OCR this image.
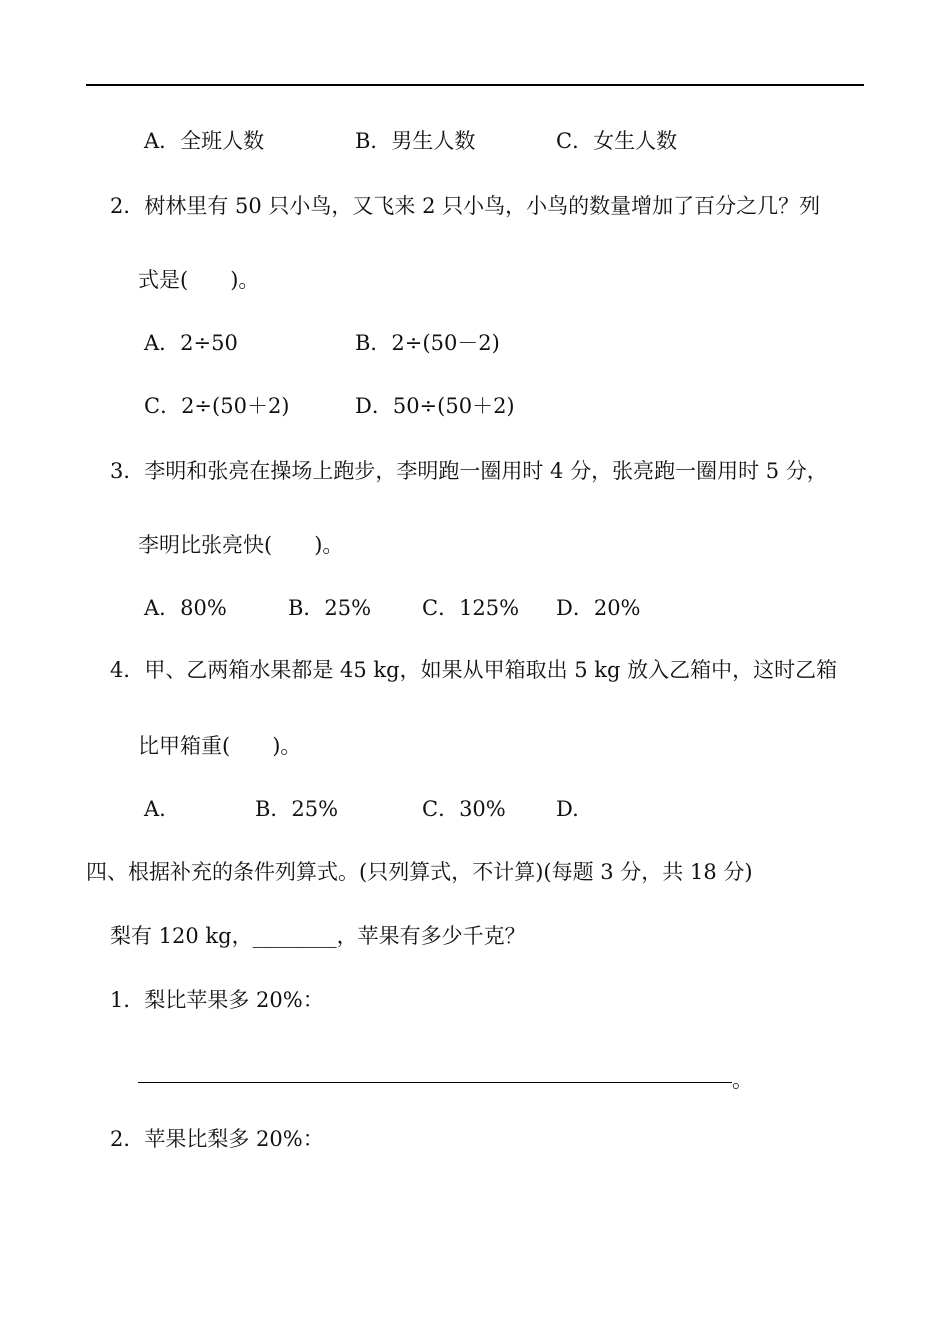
A．全班人数	B．男生人数	C．女生人数
2．树林里有 50 只小鸟，又飞来 2 只小鸟，小鸟的数量增加了百分之几？列
式是(　　)。
A．2÷50	B．2÷(50－2)
C．2÷(50＋2)	D．50÷(50＋2)
3．李明和张亮在操场上跑步，李明跑一圈用时 4 分，张亮跑一圈用时 5 分，
李明比张亮快(　　)。
A．80%	B．25% C．125% D．20%
4．甲、乙两箱水果都是 45 kg，如果从甲箱取出 5 kg 放入乙箱中，这时乙箱
比甲箱重(　　)。
A.	B．25%	C．30% D.
四、根据补充的条件列算式。(只列算式，不计算)(每题 3 分，共 18 分)
梨有 120 kg，________，苹果有多少千克？
1．梨比苹果多 20%：
。
2．苹果比梨多 20%：
